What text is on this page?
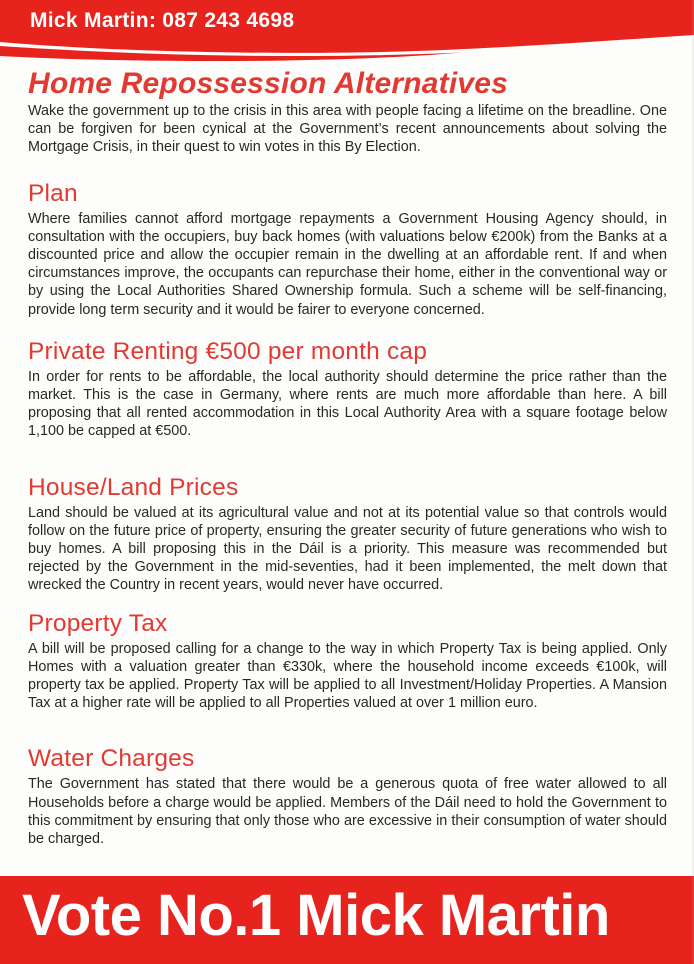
Mick Martin: 087 243 4698
Home Repossession Alternatives

Wake the government up to the crisis in this area with people facing a lifetime on the breadline. One can be forgiven for been cynical at the Government’s recent announcements about solving the Mortgage Crisis, in their quest to win votes in this By Election.

Plan

Where families cannot afford mortgage repayments a Government Housing Agency should, in consultation with the occupiers, buy back homes (with valuations below €200k) from the Banks at a discounted price and allow the occupier remain in the dwelling at an affordable rent. If and when circumstances improve, the occupants can repurchase their home, either in the conventional way or by using the Local Authorities Shared Ownership formula. Such a scheme will be self-financing, provide long term security and it would be fairer to everyone concerned.

Private Renting €500 per month cap

In order for rents to be affordable, the local authority should determine the price rather than the market. This is the case in Germany, where rents are much more affordable than here. A bill proposing that all rented accommodation in this Local Authority Area with a square footage below 1,100 be capped at €500.

House/Land Prices

Land should be valued at its agricultural value and not at its potential value so that controls would follow on the future price of property, ensuring the greater security of future generations who wish to buy homes. A bill proposing this in the Dáil is a priority. This measure was recommended but rejected by the Government in the mid-seventies, had it been implemented, the melt down that wrecked the Country in recent years, would never have occurred.

Property Tax

A bill will be proposed calling for a change to the way in which Property Tax is being applied. Only Homes with a valuation greater than €330k, where the household income exceeds €100k, will property tax be applied. Property Tax will be applied to all Investment/Holiday Properties. A Mansion Tax at a higher rate will be applied to all Properties valued at over 1 million euro.

Water Charges

The Government has stated that there would be a generous quota of free water allowed to all Households before a charge would be applied. Members of the Dáil need to hold the Government to this commitment by ensuring that only those who are excessive in their consumption of water should be charged.

Vote No.1 Mick Martin
